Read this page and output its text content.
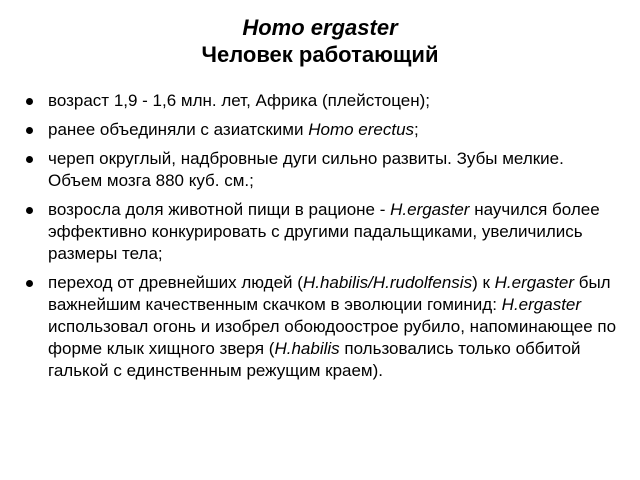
Homo ergaster
Человек работающий
возраст 1,9 - 1,6 млн. лет, Африка (плейстоцен);
ранее объединяли с азиатскими Homo erectus;
череп округлый, надбровные дуги сильно развиты. Зубы мелкие. Объем мозга 880 куб. см.;
возросла доля животной пищи в рационе - H.ergaster научился более эффективно конкурировать с другими падальщиками, увеличились размеры тела;
переход от древнейших людей (H.habilis/H.rudolfensis) к H.ergaster был важнейшим качественным скачком в эволюции гоминид: H.ergaster использовал огонь и изобрел обоюдоострое рубило, напоминающее по форме клык хищного зверя (H.habilis пользовались только оббитой галькой с единственным режущим краем).
